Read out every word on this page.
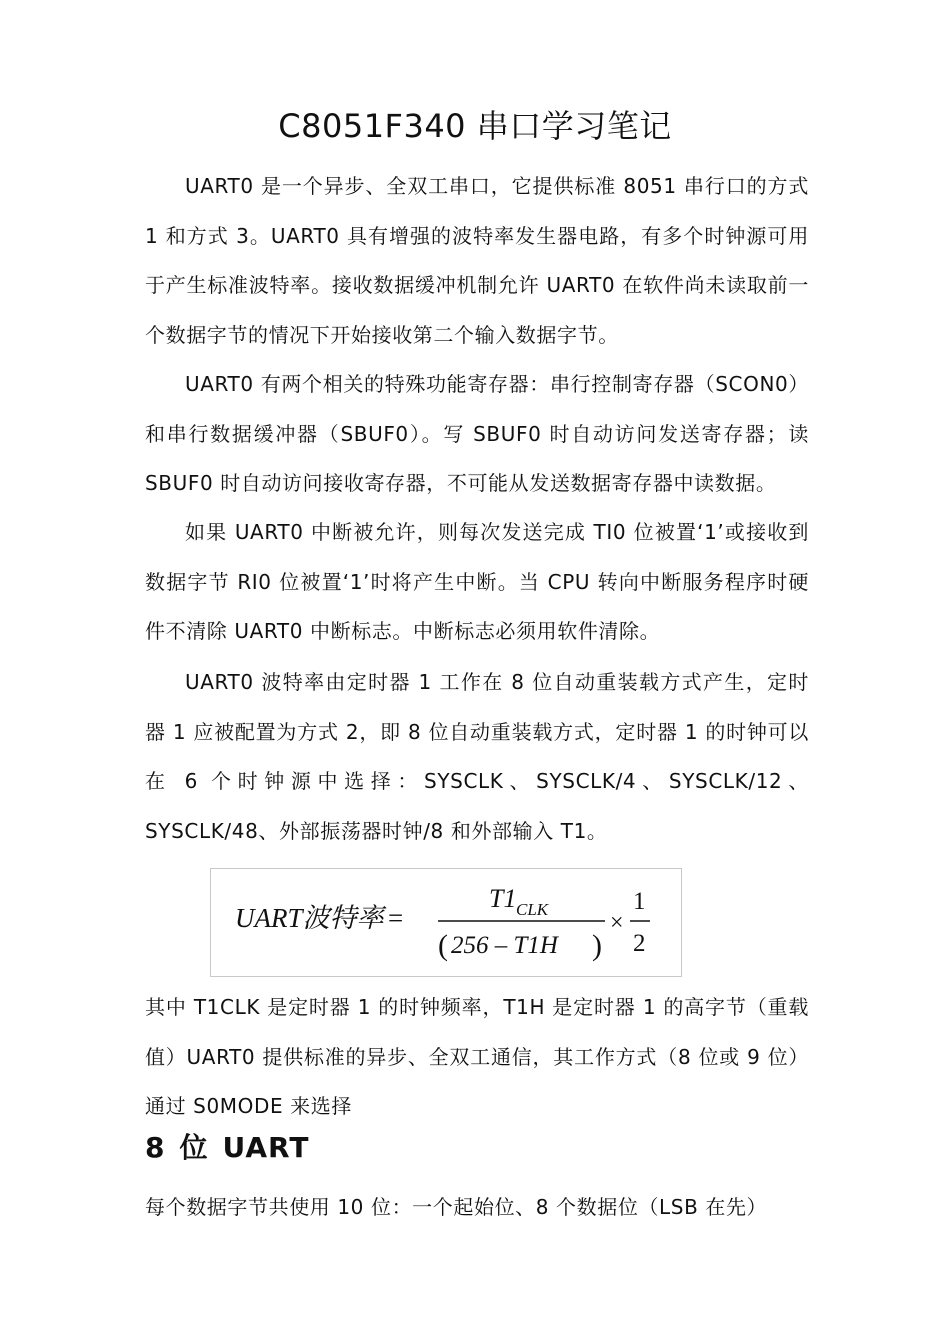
C8051F340 串口学习笔记

UART0 是一个异步、全双工串口，它提供标准 8051 串行口的方式 1 和方式 3。UART0 具有增强的波特率发生器电路，有多个时钟源可用于产生标准波特率。接收数据缓冲机制允许 UART0 在软件尚未读取前一个数据字节的情况下开始接收第二个输入数据字节。

UART0 有两个相关的特殊功能寄存器：串行控制寄存器（SCON0）和串行数据缓冲器（SBUF0）。写 SBUF0 时自动访问发送寄存器；读 SBUF0 时自动访问接收寄存器，不可能从发送数据寄存器中读数据。

如果 UART0 中断被允许，则每次发送完成 TI0 位被置‘1’或接收到数据字节 RI0 位被置‘1’时将产生中断。当 CPU 转向中断服务程序时硬件不清除 UART0 中断标志。中断标志必须用软件清除。

UART0 波特率由定时器 1 工作在 8 位自动重装载方式产生，定时器 1 应被配置为方式 2，即 8 位自动重装载方式，定时器 1 的时钟可以在 6 个时钟源中选择：SYSCLK、SYSCLK/4、SYSCLK/12、SYSCLK/48、外部振荡器时钟/8 和外部输入 T1。

UART波特率 =
T1 CLK
( 256 – T1H )
×
1
2

其中 T1CLK 是定时器 1 的时钟频率，T1H 是定时器 1 的高字节（重载值）UART0 提供标准的异步、全双工通信，其工作方式（8 位或 9 位）通过 S0MODE 来选择

8 位 UART

每个数据字节共使用 10 位：一个起始位、8 个数据位（LSB 在先）
